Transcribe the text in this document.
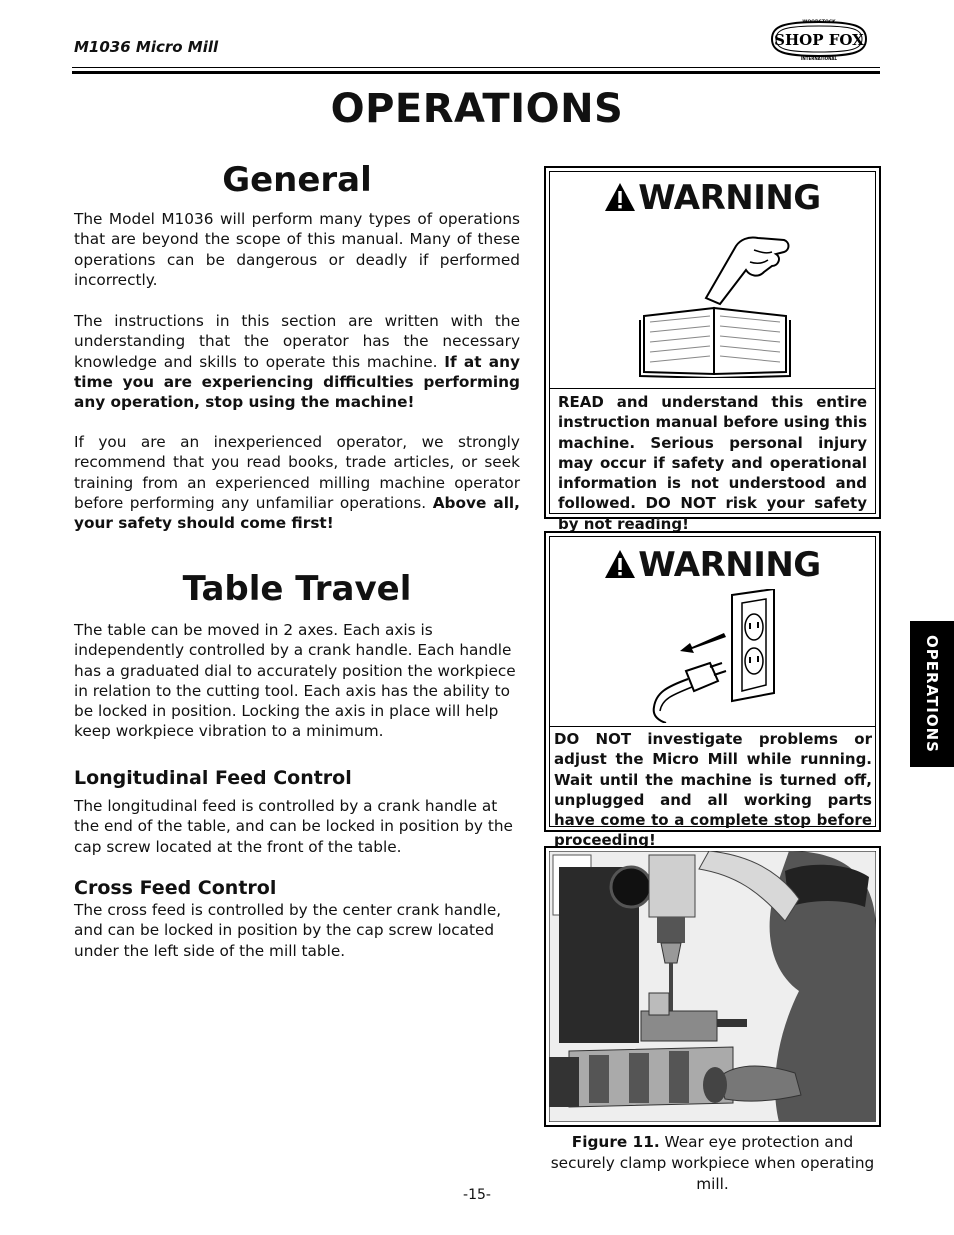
M1036 Micro Mill
WOODSTOCK
SHOP FOX
INTERNATIONAL
OPERATIONS
General
The Model M1036 will perform many types of operations that are beyond the scope of this manual. Many of these operations can be dangerous or deadly if performed incorrectly.
The instructions in this section are written with the understanding that the operator has the necessary knowledge and skills to operate this machine. If at any time you are experiencing difficulties performing any operation, stop using the machine!
If you are an inexperienced operator, we strongly recommend that you read books, trade articles, or seek training from an experienced milling machine operator before performing any unfamiliar operations. Above all, your safety should come first!
Table Travel
The table can be moved in 2 axes. Each axis is independently controlled by a crank handle. Each handle has a graduated dial to accurately position the workpiece in relation to the cutting tool. Each axis has the ability to be locked in position. Locking the axis in place will help keep workpiece vibration to a minimum.
Longitudinal Feed Control
The longitudinal feed is controlled by a crank handle at the end of the table, and can be locked in position by the cap screw located at the front of the table.
Cross Feed Control
The cross feed is controlled by the center crank handle, and can be locked in position by the cap screw located under the left side of the mill table.
WARNING
READ and understand this entire instruction manual before using this machine. Serious personal injury may occur if safety and operational information is not understood and followed. DO NOT risk your safety by not reading!
WARNING
DO NOT investigate problems or adjust the Micro Mill while running. Wait until the machine is turned off, unplugged and all working parts have come to a complete stop before proceeding!
OPERATIONS
Figure 11. Wear eye protection and securely clamp workpiece when operating mill.
-15-
